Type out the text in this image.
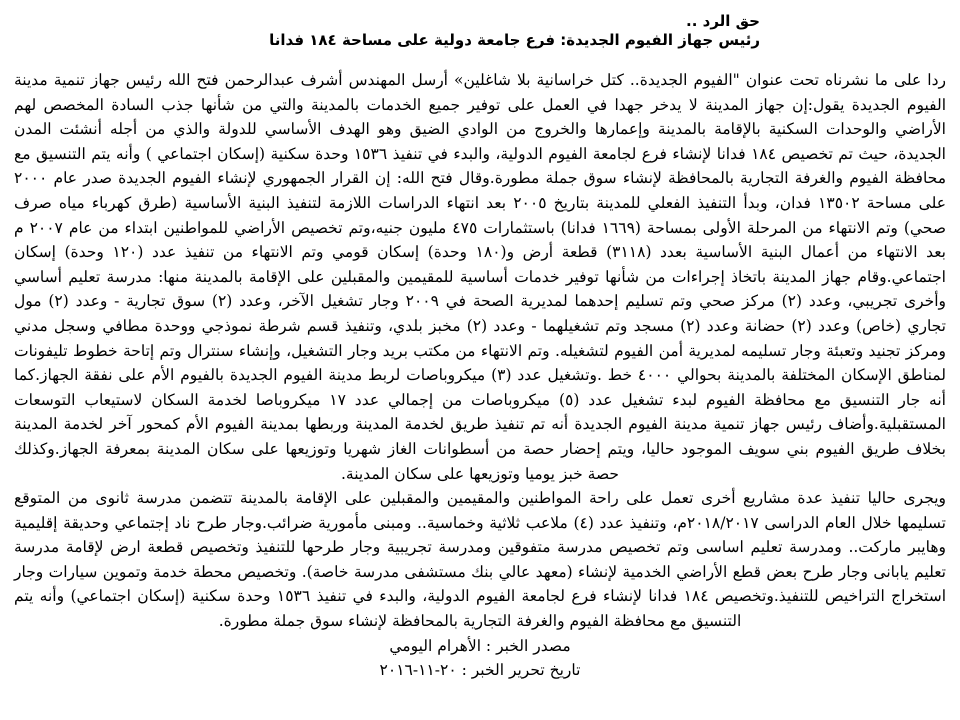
حق الرد ..
رئيس جهاز الفيوم الجديدة: فرع جامعة دولية على مساحة ١٨٤ فدانا

ردا على ما نشرناه تحت عنوان "الفيوم الجديدة.. كتل خراسانية بلا شاغلين» أرسل المهندس أشرف عبدالرحمن فتح الله رئيس جهاز تنمية مدينة الفيوم الجديدة يقول:إن جهاز المدينة لا يدخر جهدا في العمل على توفير جميع الخدمات بالمدينة والتي من شأنها جذب السادة المخصص لهم الأراضي والوحدات السكنية بالإقامة بالمدينة وإعمارها والخروج من الوادي الضيق وهو الهدف الأساسي للدولة والذي من أجله أنشئت المدن الجديدة، حيث تم تخصيص ١٨٤ فدانا لإنشاء فرع لجامعة الفيوم الدولية، والبدء في تنفيذ ١٥٣٦ وحدة سكنية (إسكان اجتماعي ) وأنه يتم التنسيق مع محافظة الفيوم والغرفة التجارية بالمحافظة لإنشاء سوق جملة مطورة.وقال فتح الله: إن القرار الجمهوري لإنشاء الفيوم الجديدة صدر عام ٢٠٠٠ على مساحة ١٣٥٠٢ فدان، وبدأ التنفيذ الفعلي للمدينة بتاريخ ٢٠٠٥ بعد انتهاء الدراسات اللازمة لتنفيذ البنية الأساسية (طرق كهرباء مياه صرف صحي) وتم الانتهاء من المرحلة الأولى بمساحة (١٦٦٩ فدانا) باستثمارات ٤٧٥ مليون جنيه،وتم تخصيص الأراضي للمواطنين ابتداء من عام ٢٠٠٧ م بعد الانتهاء من أعمال البنية الأساسية بعدد (٣١١٨) قطعة أرض و(١٨٠ وحدة) إسكان قومي وتم الانتهاء من تنفيذ عدد (١٢٠ وحدة) إسكان اجتماعي.وقام جهاز المدينة باتخاذ إجراءات من شأنها توفير خدمات أساسية للمقيمين والمقبلين على الإقامة بالمدينة منها: مدرسة تعليم أساسي وأخرى تجريبي، وعدد (٢) مركز صحي وتم تسليم إحدهما لمديرية الصحة في ٢٠٠٩ وجار تشغيل الآخر، وعدد (٢) سوق تجارية - وعدد (٢) مول تجاري (خاص) وعدد (٢) حضانة وعدد (٢) مسجد وتم تشغيلهما - وعدد (٢) مخبز بلدي، وتنفيذ قسم شرطة نموذجي ووحدة مطافي وسجل مدني ومركز تجنيد وتعبئة وجار تسليمه لمديرية أمن الفيوم لتشغيله. وتم الانتهاء من مكتب بريد وجار التشغيل، وإنشاء سنترال وتم إتاحة خطوط تليفونات لمناطق الإسكان المختلفة بالمدينة بحوالي ٤٠٠٠ خط .وتشغيل عدد (٣) ميكروباصات لربط مدينة الفيوم الجديدة بالفيوم الأم على نفقة الجهاز.كما أنه جار التنسيق مع محافظة الفيوم لبدء تشغيل عدد (٥) ميكروباصات من إجمالي عدد ١٧ ميكروباصا لخدمة السكان لاستيعاب التوسعات المستقبلية.وأضاف رئيس جهاز تنمية مدينة الفيوم الجديدة أنه تم تنفيذ طريق لخدمة المدينة وربطها بمدينة الفيوم الأم كمحور آخر لخدمة المدينة بخلاف طريق الفيوم بني سويف الموجود حاليا، ويتم إحضار حصة من أسطوانات الغاز شهريا وتوزيعها على سكان المدينة بمعرفة الجهاز.وكذلك حصة خبز يوميا وتوزيعها على سكان المدينة.

ويجرى حاليا تنفيذ عدة مشاريع أخرى تعمل على راحة المواطنين والمقيمين والمقبلين على الإقامة بالمدينة تتضمن مدرسة ثانوى من المتوقع تسليمها خلال العام الدراسى ٢٠١٨/٢٠١٧م، وتنفيذ عدد (٤) ملاعب ثلاثية وخماسية.. ومبنى مأمورية ضرائب.وجار طرح ناد إجتماعي وحديقة إقليمية وهايبر ماركت.. ومدرسة تعليم اساسى وتم تخصيص مدرسة متفوقين ومدرسة تجريبية وجار طرحها للتنفيذ وتخصيص قطعة ارض لإقامة مدرسة تعليم يابانى وجار طرح بعض قطع الأراضي الخدمية لإنشاء (معهد عالي بنك مستشفى مدرسة خاصة). وتخصيص محطة خدمة وتموين سيارات وجار استخراج التراخيص للتنفيذ.وتخصيص ١٨٤ فدانا لإنشاء فرع لجامعة الفيوم الدولية، والبدء في تنفيذ ١٥٣٦ وحدة سكنية (إسكان اجتماعي) وأنه يتم التنسيق مع محافظة الفيوم والغرفة التجارية بالمحافظة لإنشاء سوق جملة مطورة.

مصدر الخبر : الأهرام اليومي
تاريخ تحرير الخبر : ٢٠-١١-٢٠١٦
